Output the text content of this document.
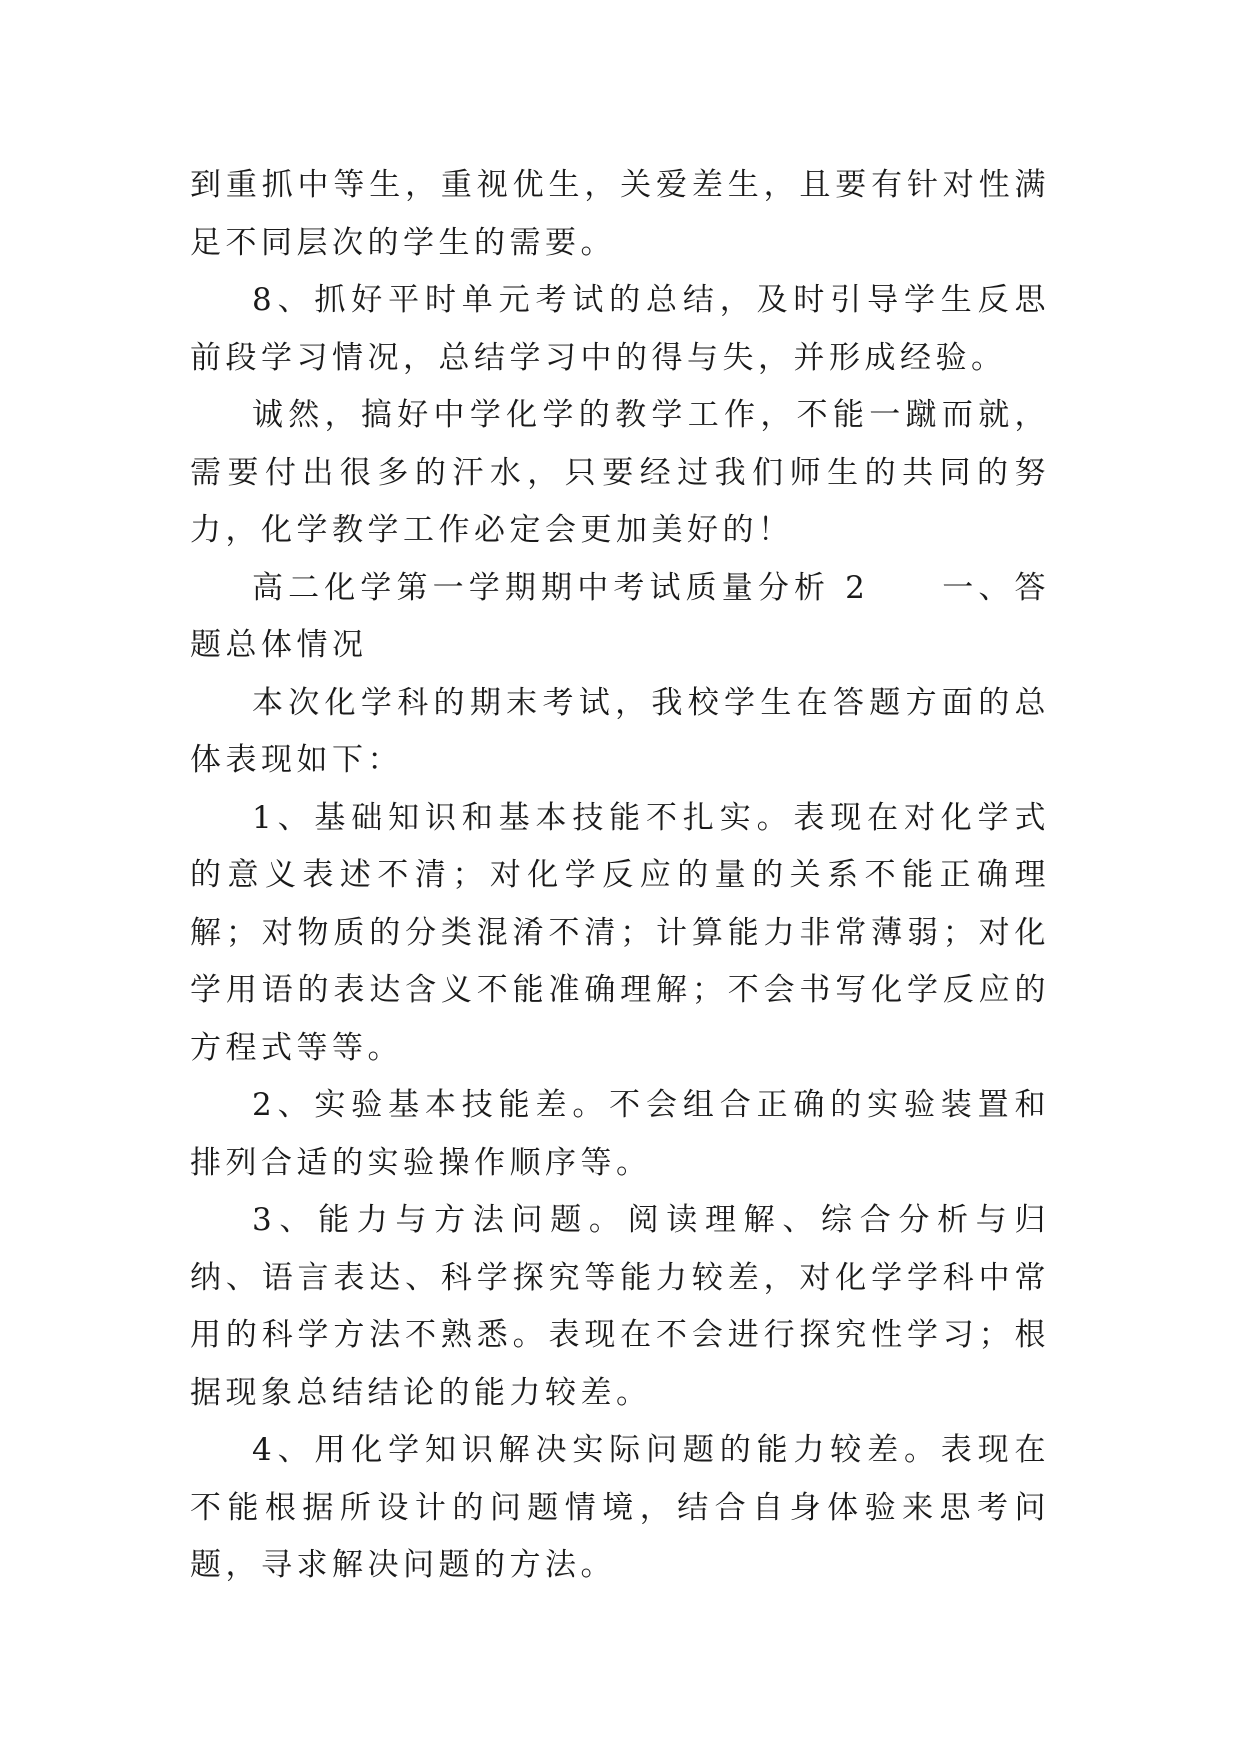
到重抓中等生，重视优生，关爱差生，且要有针对性满足不同层次的学生的需要。

8、抓好平时单元考试的总结，及时引导学生反思前段学习情况，总结学习中的得与失，并形成经验。

诚然，搞好中学化学的教学工作，不能一蹴而就，需要付出很多的汗水，只要经过我们师生的共同的努力，化学教学工作必定会更加美好的！

高二化学第一学期期中考试质量分析 2　　一、答题总体情况

本次化学科的期末考试，我校学生在答题方面的总体表现如下：

1、基础知识和基本技能不扎实。表现在对化学式的意义表述不清；对化学反应的量的关系不能正确理解；对物质的分类混淆不清；计算能力非常薄弱；对化学用语的表达含义不能准确理解；不会书写化学反应的方程式等等。

2、实验基本技能差。不会组合正确的实验装置和排列合适的实验操作顺序等。

3、能力与方法问题。阅读理解、综合分析与归纳、语言表达、科学探究等能力较差，对化学学科中常用的科学方法不熟悉。表现在不会进行探究性学习；根据现象总结结论的能力较差。

4、用化学知识解决实际问题的能力较差。表现在不能根据所设计的问题情境，结合自身体验来思考问题，寻求解决问题的方法。
